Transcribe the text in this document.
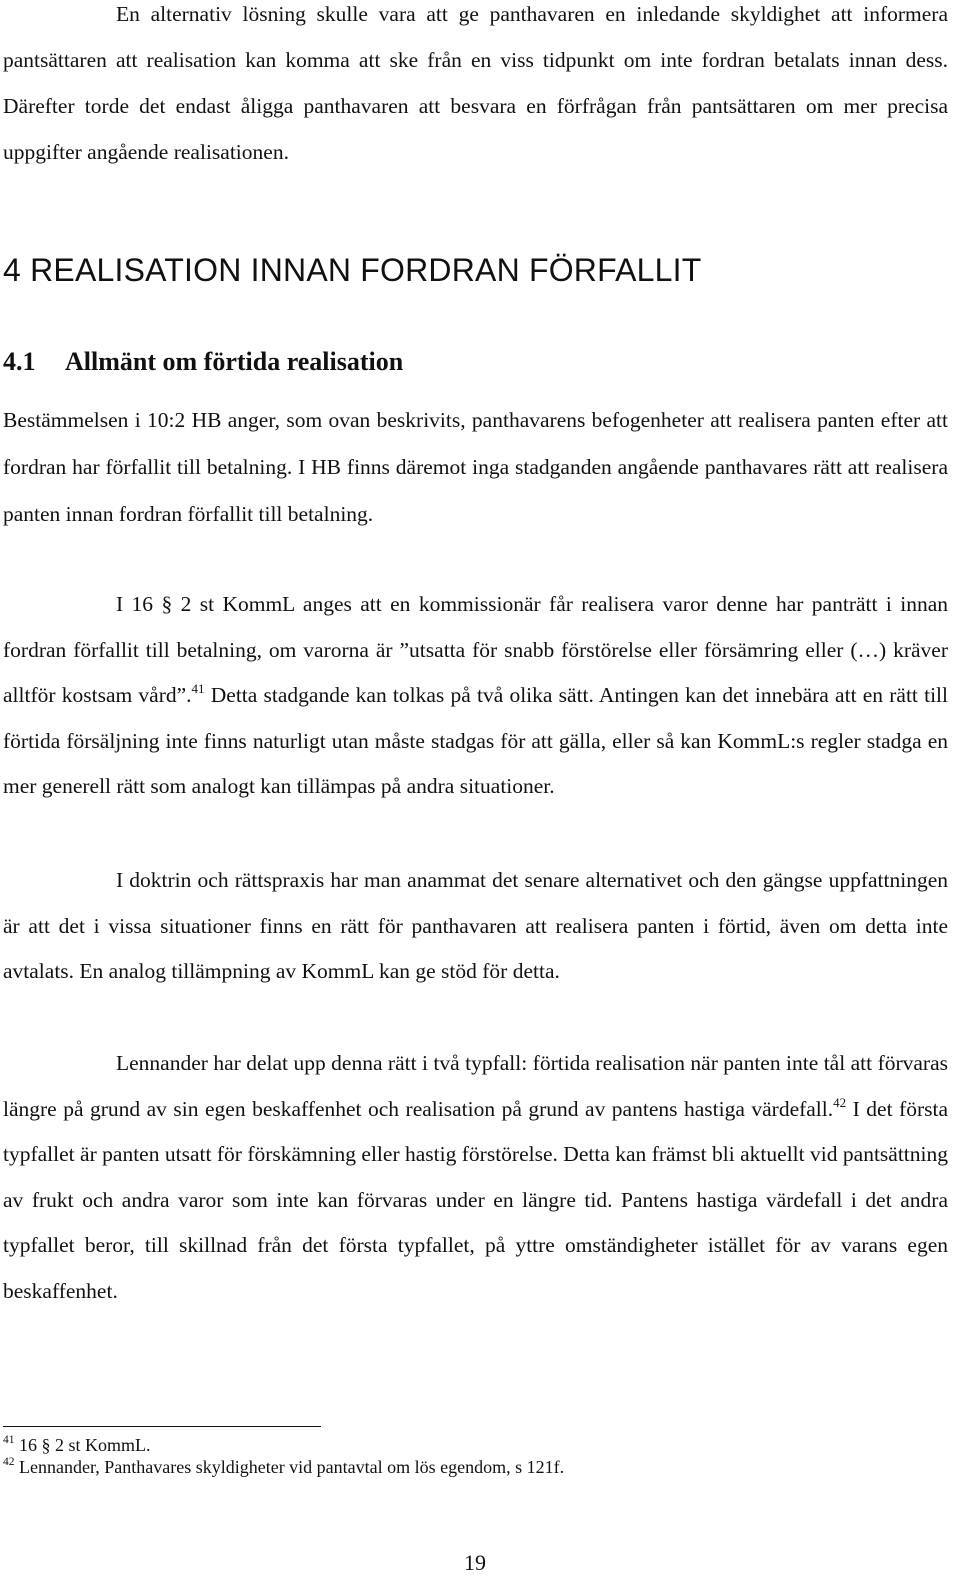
En alternativ lösning skulle vara att ge panthavaren en inledande skyldighet att informera pantsättaren att realisation kan komma att ske från en viss tidpunkt om inte fordran betalats innan dess. Därefter torde det endast åligga panthavaren att besvara en förfrågan från pantsättaren om mer precisa uppgifter angående realisationen.

4 REALISATION INNAN FORDRAN FÖRFALLIT
4.1 Allmänt om förtida realisation

Bestämmelsen i 10:2 HB anger, som ovan beskrivits, panthavarens befogenheter att realisera panten efter att fordran har förfallit till betalning. I HB finns däremot inga stadganden angående panthavares rätt att realisera panten innan fordran förfallit till betalning.

I 16 § 2 st KommL anges att en kommissionär får realisera varor denne har panträtt i innan fordran förfallit till betalning, om varorna är ”utsatta för snabb förstörelse eller försämring eller (…) kräver alltför kostsam vård”.$^{41}$ Detta stadgande kan tolkas på två olika sätt. Antingen kan det innebära att en rätt till förtida försäljning inte finns naturligt utan måste stadgas för att gälla, eller så kan KommL:s regler stadga en mer generell rätt som analogt kan tillämpas på andra situationer.

I doktrin och rättspraxis har man anammat det senare alternativet och den gängse uppfattningen är att det i vissa situationer finns en rätt för panthavaren att realisera panten i förtid, även om detta inte avtalats. En analog tillämpning av KommL kan ge stöd för detta.

Lennander har delat upp denna rätt i två typfall: förtida realisation när panten inte tål att förvaras längre på grund av sin egen beskaffenhet och realisation på grund av pantens hastiga värdefall.$^{42}$ I det första typfallet är panten utsatt för förskämning eller hastig förstörelse. Detta kan främst bli aktuellt vid pantsättning av frukt och andra varor som inte kan förvaras under en längre tid. Pantens hastiga värdefall i det andra typfallet beror, till skillnad från det första typfallet, på yttre omständigheter istället för av varans egen beskaffenhet.

$^{41}$ 16 § 2 st KommL.

$^{42}$ Lennander, Panthavares skyldigheter vid pantavtal om lös egendom, s 121f.

19
